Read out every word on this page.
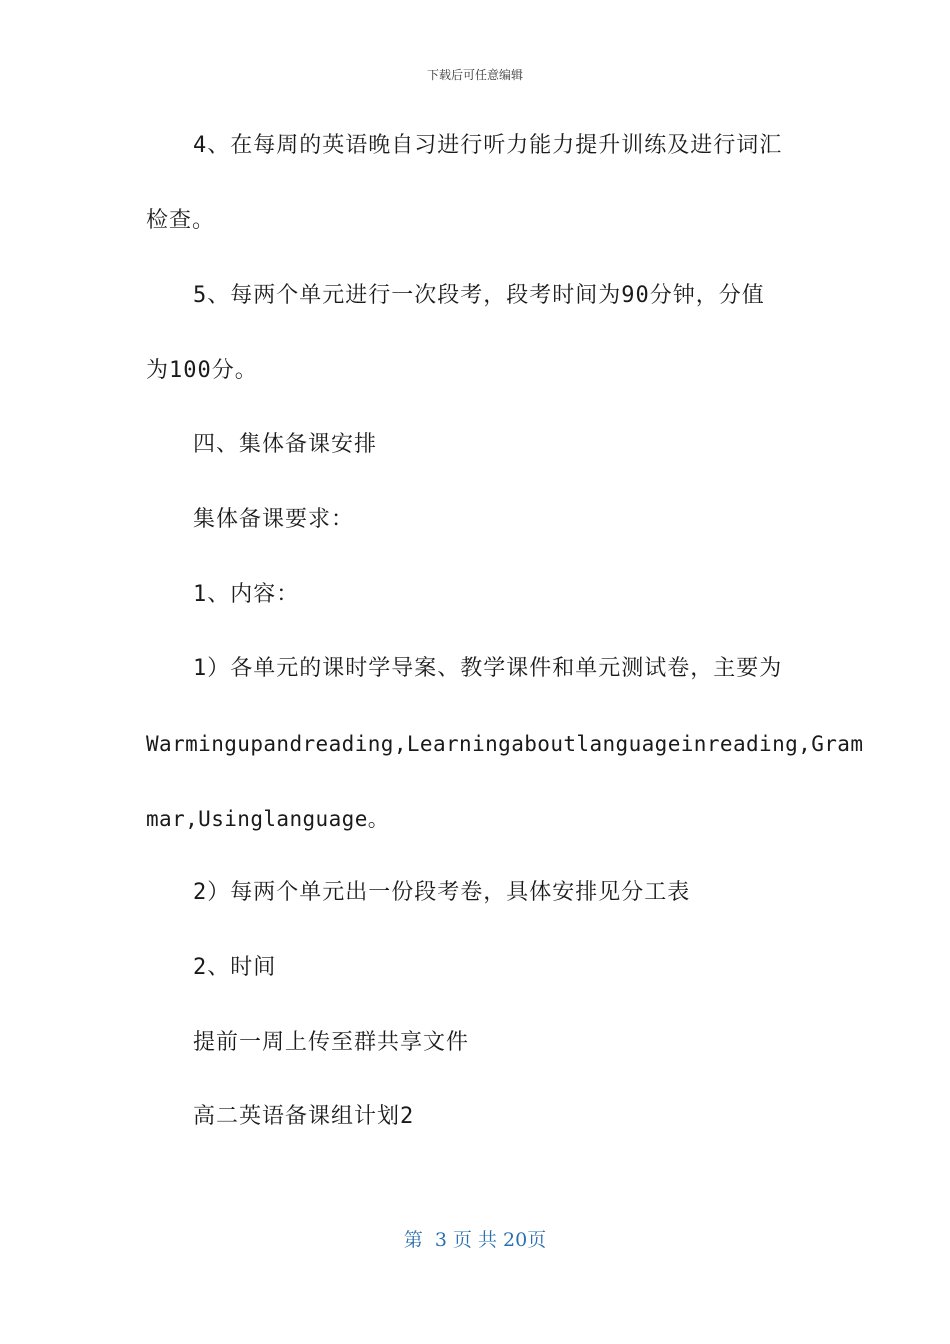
下载后可任意编辑
4、在每周的英语晚自习进行听力能力提升训练及进行词汇
检查。
5、每两个单元进行一次段考，段考时间为90分钟，分值
为100分。
四、集体备课安排
集体备课要求：
1、内容：
1）各单元的课时学导案、教学课件和单元测试卷，主要为
Warmingupandreading,Learningaboutlanguageinreading,Gram
mar,Usinglanguage。
2）每两个单元出一份段考卷，具体安排见分工表
2、时间
提前一周上传至群共享文件
高二英语备课组计划2
第  3 页 共 20页
